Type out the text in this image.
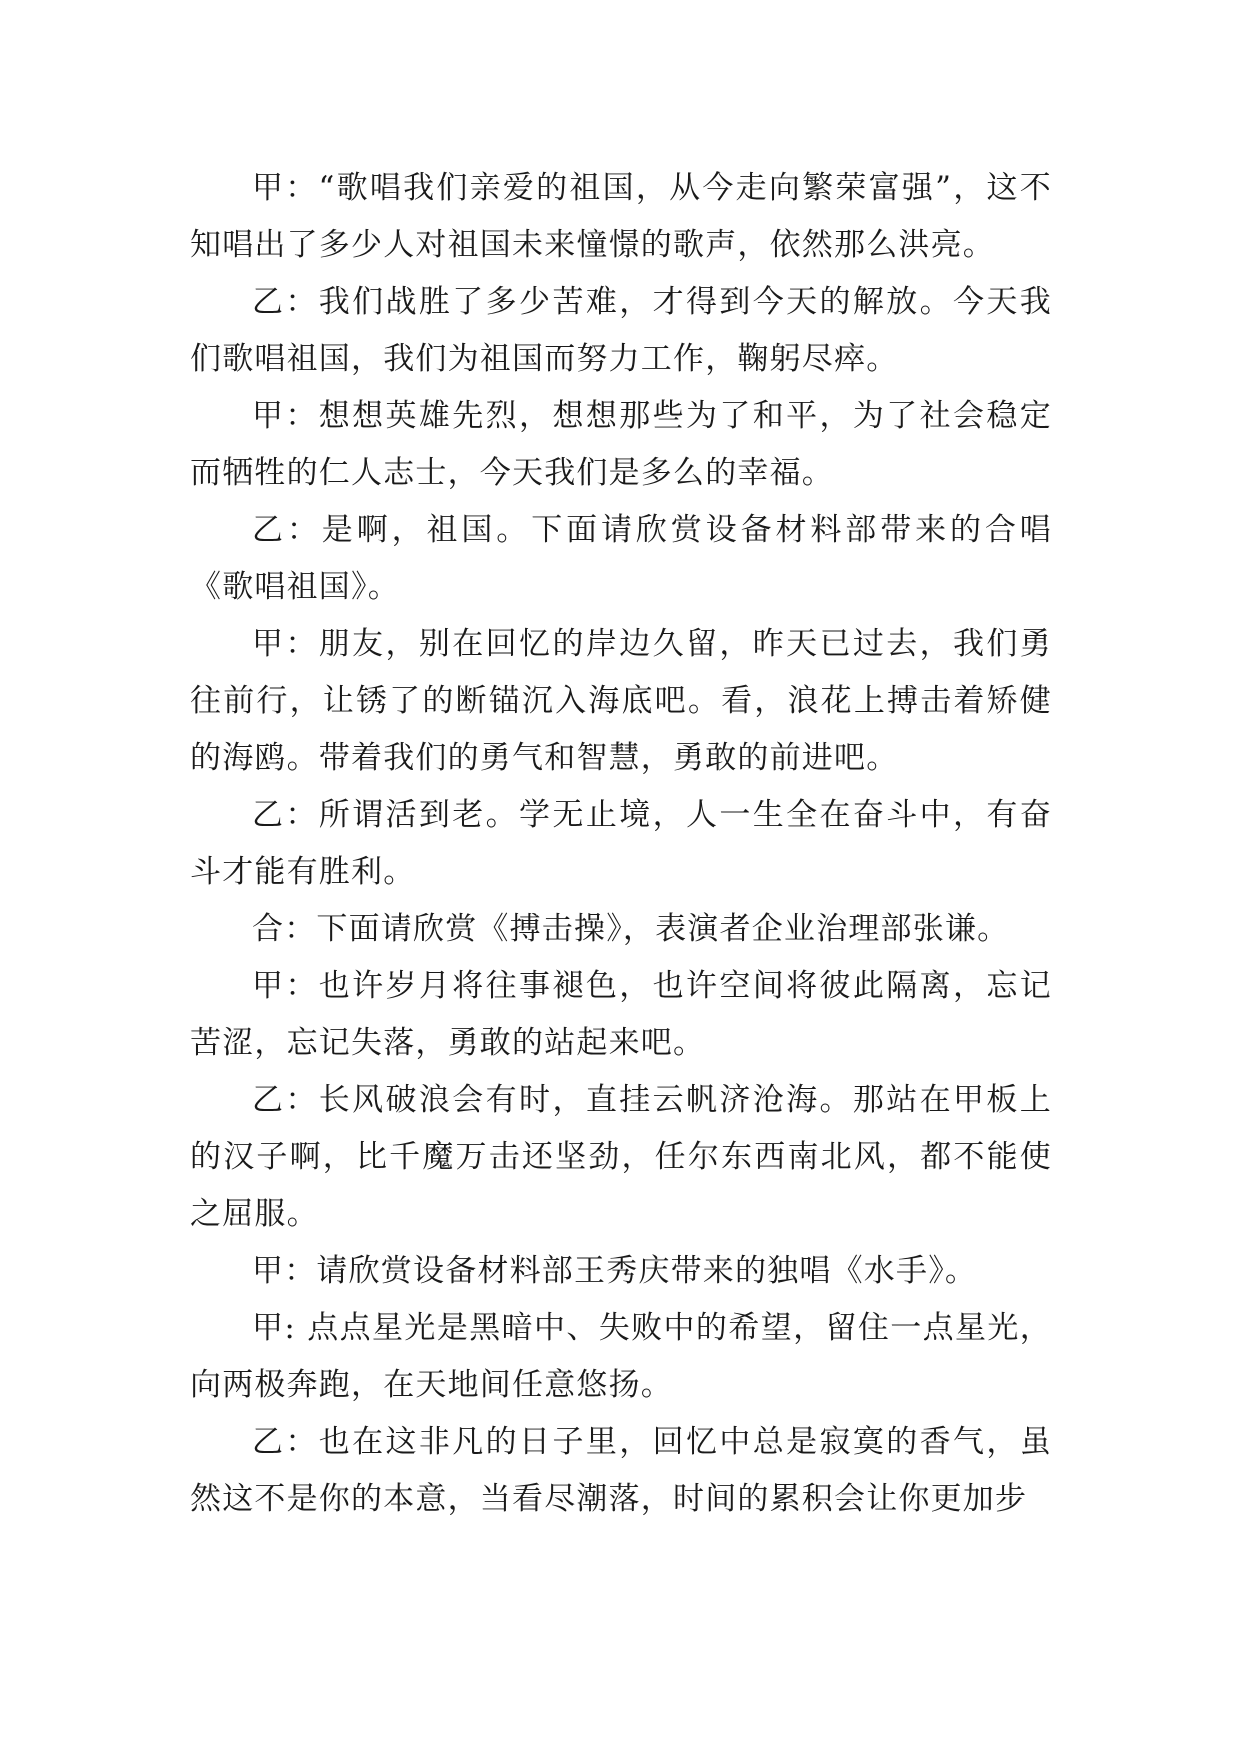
甲：“歌唱我们亲爱的祖国，从今走向繁荣富强”，这不知唱出了多少人对祖国未来憧憬的歌声，依然那么洪亮。

乙：我们战胜了多少苦难，才得到今天的解放。今天我们歌唱祖国，我们为祖国而努力工作，鞠躬尽瘁。

甲：想想英雄先烈，想想那些为了和平，为了社会稳定而牺牲的仁人志士，今天我们是多么的幸福。

乙：是啊，祖国。下面请欣赏设备材料部带来的合唱《歌唱祖国》。

甲：朋友，别在回忆的岸边久留，昨天已过去，我们勇往前行，让锈了的断锚沉入海底吧。看，浪花上搏击着矫健的海鸥。带着我们的勇气和智慧，勇敢的前进吧。

乙：所谓活到老。学无止境，人一生全在奋斗中，有奋斗才能有胜利。

合：下面请欣赏《搏击操》，表演者企业治理部张谦。

甲：也许岁月将往事褪色，也许空间将彼此隔离，忘记苦涩，忘记失落，勇敢的站起来吧。

乙：长风破浪会有时，直挂云帆济沧海。那站在甲板上的汉子啊，比千魔万击还坚劲，任尔东西南北风，都不能使之屈服。

甲：请欣赏设备材料部王秀庆带来的独唱《水手》。

甲: 点点星光是黑暗中、失败中的希望，留住一点星光，向两极奔跑，在天地间任意悠扬。

乙：也在这非凡的日子里，回忆中总是寂寞的香气，虽然这不是你的本意，当看尽潮落，时间的累积会让你更加步
